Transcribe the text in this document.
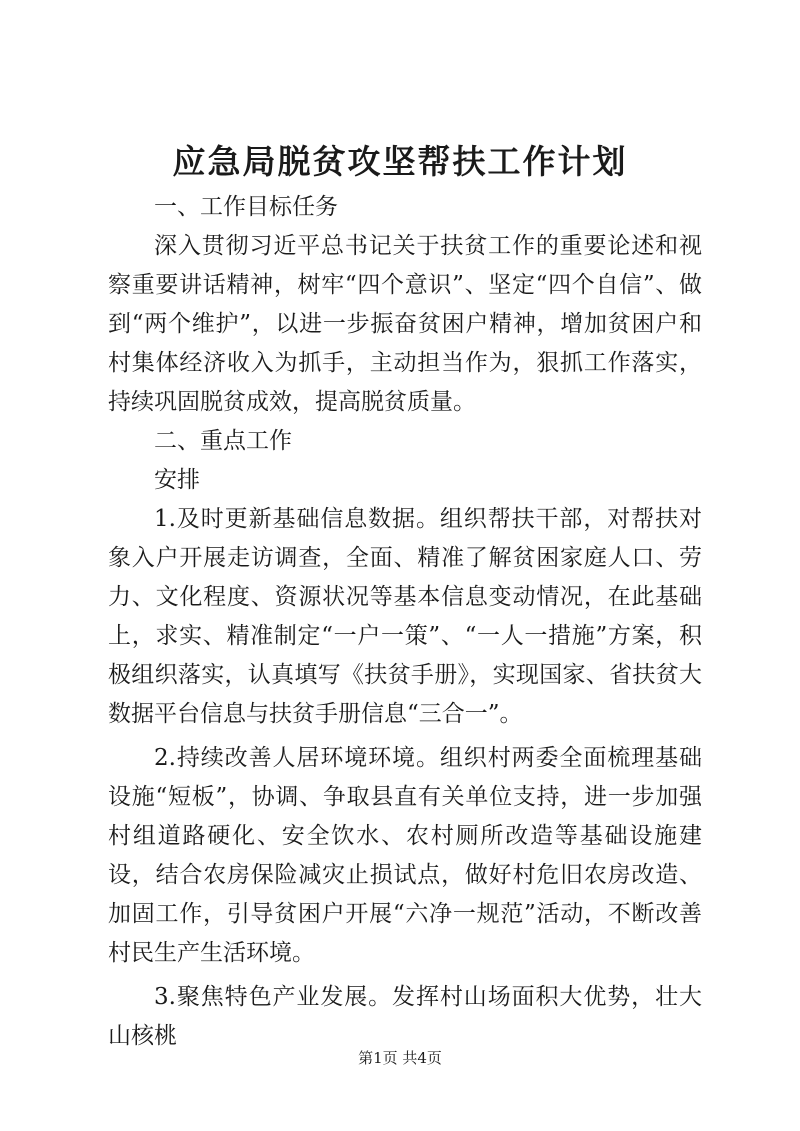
应急局脱贫攻坚帮扶工作计划

一、工作目标任务

深入贯彻习近平总书记关于扶贫工作的重要论述和视察重要讲话精神，树牢“四个意识”、坚定“四个自信”、做到“两个维护”，以进一步振奋贫困户精神，增加贫困户和村集体经济收入为抓手，主动担当作为，狠抓工作落实，持续巩固脱贫成效，提高脱贫质量。

二、重点工作

安排

1.及时更新基础信息数据。组织帮扶干部，对帮扶对象入户开展走访调查，全面、精准了解贫困家庭人口、劳力、文化程度、资源状况等基本信息变动情况，在此基础上，求实、精准制定“一户一策”、“一人一措施”方案，积极组织落实，认真填写《扶贫手册》，实现国家、省扶贫大数据平台信息与扶贫手册信息“三合一”。

2.持续改善人居环境环境。组织村两委全面梳理基础设施“短板”，协调、争取县直有关单位支持，进一步加强村组道路硬化、安全饮水、农村厕所改造等基础设施建设，结合农房保险减灾止损试点，做好村危旧农房改造、加固工作，引导贫困户开展“六净一规范”活动，不断改善村民生产生活环境。

3.聚焦特色产业发展。发挥村山场面积大优势，壮大山核桃

第1页 共4页
